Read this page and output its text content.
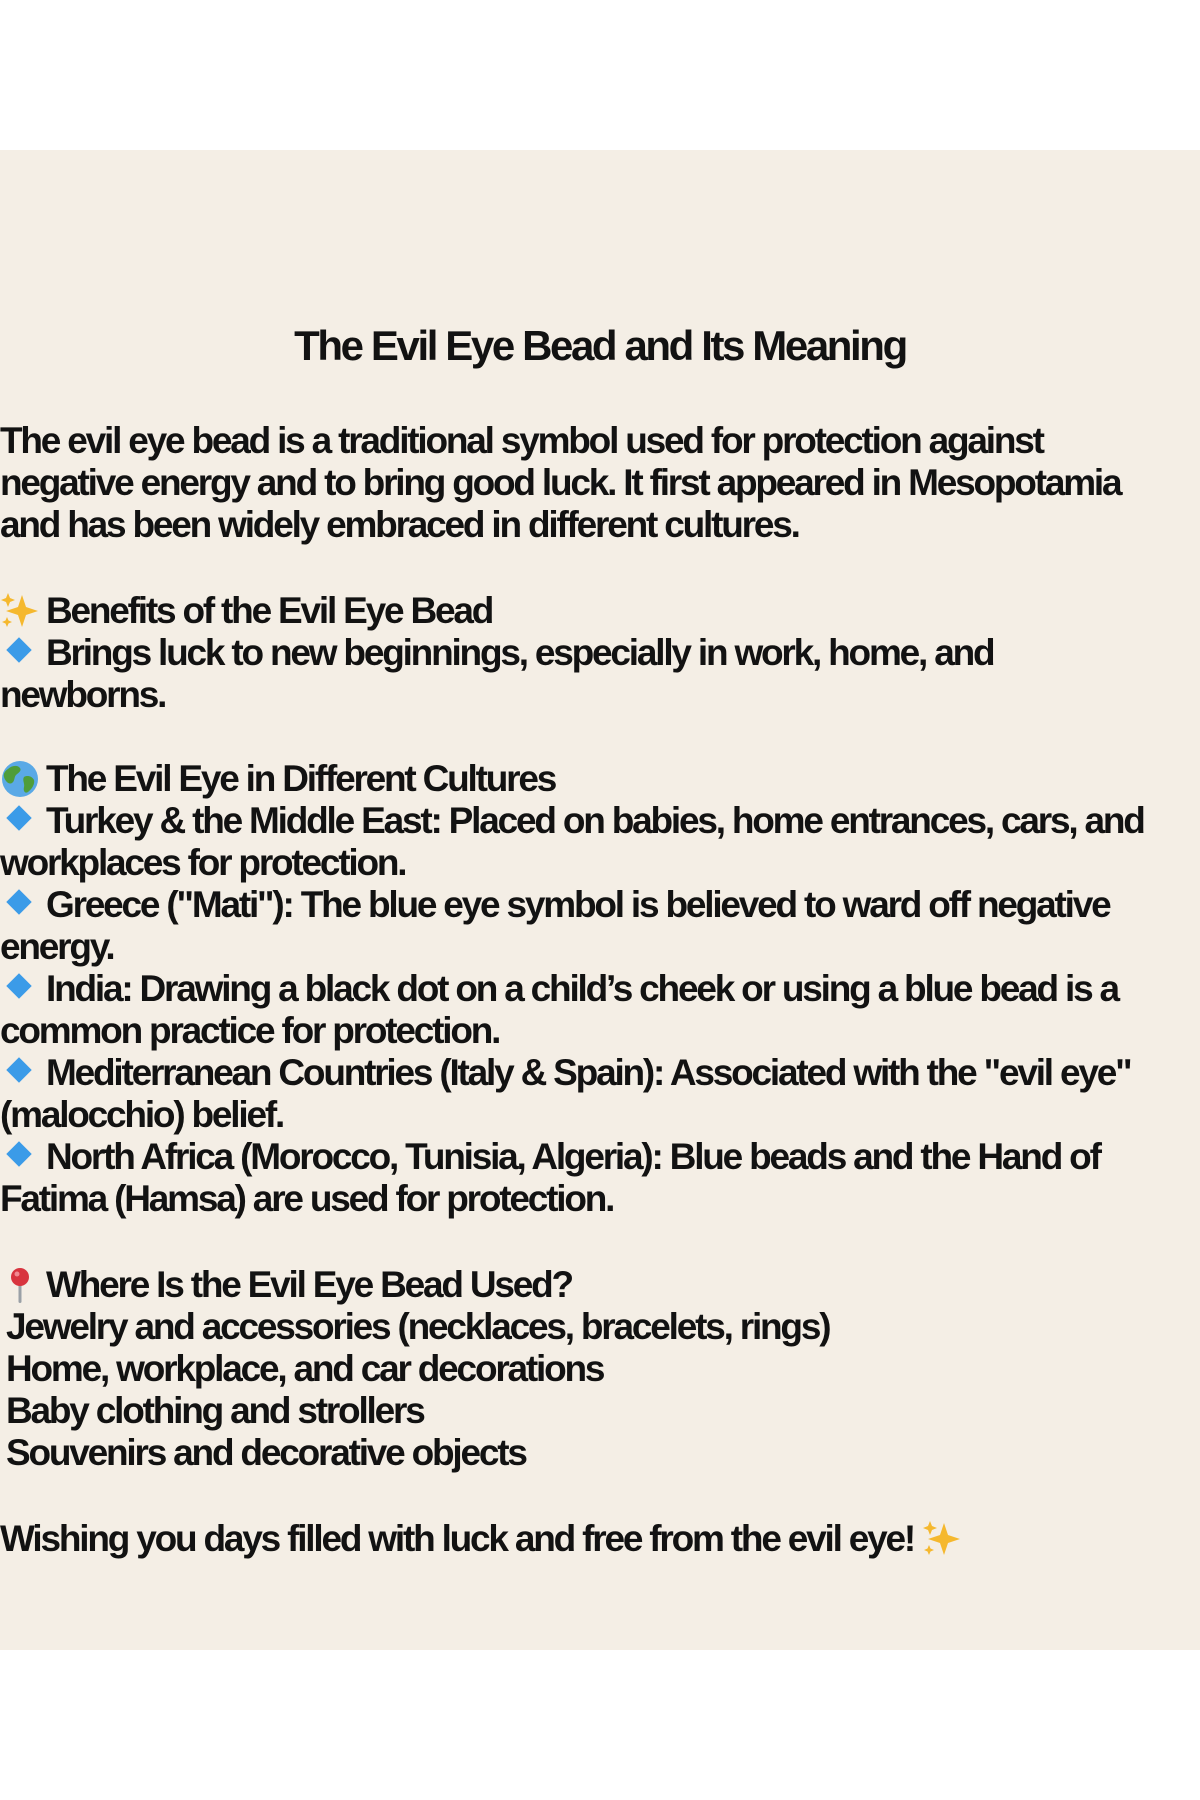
The Evil Eye Bead and Its Meaning

The evil eye bead is a traditional symbol used for protection against
negative energy and to bring good luck. It first appeared in Mesopotamia
and has been widely embraced in different cultures.

Benefits of the Evil Eye Bead
Brings luck to new beginnings, especially in work, home, and
newborns.
The Evil Eye in Different Cultures
Turkey & the Middle East: Placed on babies, home entrances, cars, and
workplaces for protection.
Greece ("Mati"): The blue eye symbol is believed to ward off negative
energy.
India: Drawing a black dot on a child’s cheek or using a blue bead is a
common practice for protection.
Mediterranean Countries (Italy & Spain): Associated with the "evil eye"
(malocchio) belief.
North Africa (Morocco, Tunisia, Algeria): Blue beads and the Hand of
Fatima (Hamsa) are used for protection.
Where Is the Evil Eye Bead Used?
Jewelry and accessories (necklaces, bracelets, rings)
Home, workplace, and car decorations
Baby clothing and strollers
Souvenirs and decorative objects

Wishing you days filled with luck and free from the evil eye!
